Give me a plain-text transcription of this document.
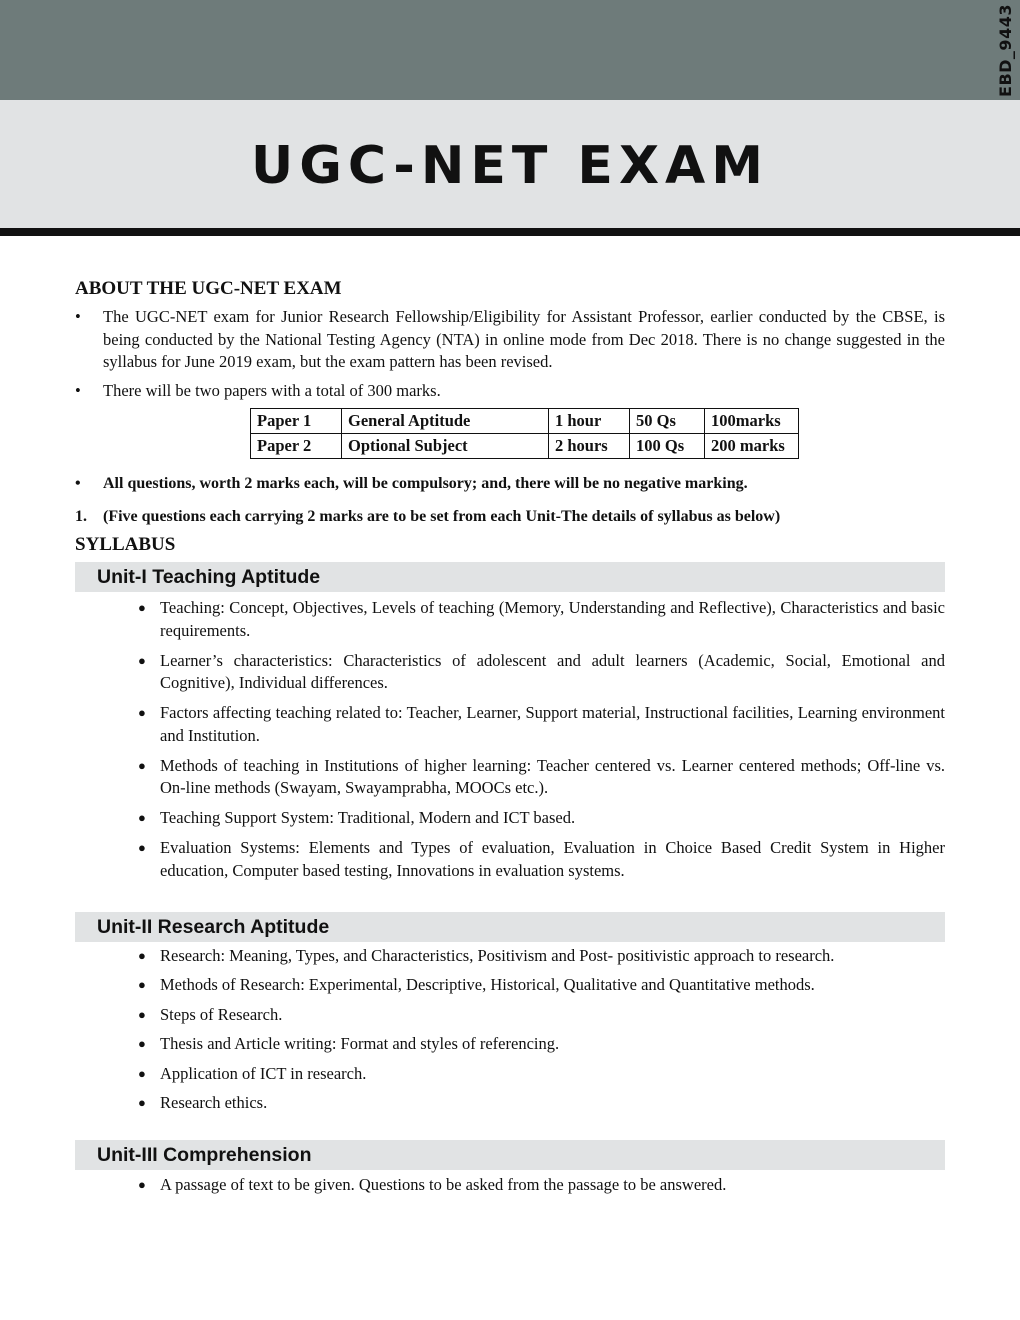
EBD_9443
UGC-NET EXAM
ABOUT THE UGC-NET EXAM

• The UGC-NET exam for Junior Research Fellowship/Eligibility for Assistant Professor, earlier conducted by the CBSE, is being conducted by the National Testing Agency (NTA) in online mode from Dec 2018. There is no change suggested in the syllabus for June 2019 exam, but the exam pattern has been revised.

• There will be two papers with a total of 300 marks.

Paper 1	General Aptitude	1 hour	50 Qs	100marks
Paper 2	Optional Subject	2 hours	100 Qs	200 marks

• All questions, worth 2 marks each, will be compulsory; and, there will be no negative marking.

1. (Five questions each carrying 2 marks are to be set from each Unit-The details of syllabus as below)

SYLLABUS
Unit-I Teaching Aptitude
● Teaching: Concept, Objectives, Levels of teaching (Memory, Understanding and Reflective), Characteristics and basic requirements.
● Learner’s characteristics: Characteristics of adolescent and adult learners (Academic, Social, Emotional and Cognitive), Individual differences.
● Factors affecting teaching related to: Teacher, Learner, Support material, Instructional facilities, Learning environment and Institution.
● Methods of teaching in Institutions of higher learning: Teacher centered vs. Learner centered methods; Off-line vs. On-line methods (Swayam, Swayamprabha, MOOCs etc.).
● Teaching Support System: Traditional, Modern and ICT based.
● Evaluation Systems: Elements and Types of evaluation, Evaluation in Choice Based Credit System in Higher education, Computer based testing, Innovations in evaluation systems.
Unit-II Research Aptitude
● Research: Meaning, Types, and Characteristics, Positivism and Post- positivistic approach to research.
● Methods of Research: Experimental, Descriptive, Historical, Qualitative and Quantitative methods.
● Steps of Research.
● Thesis and Article writing: Format and styles of referencing.
● Application of ICT in research.
● Research ethics.
Unit-III Comprehension
● A passage of text to be given. Questions to be asked from the passage to be answered.
